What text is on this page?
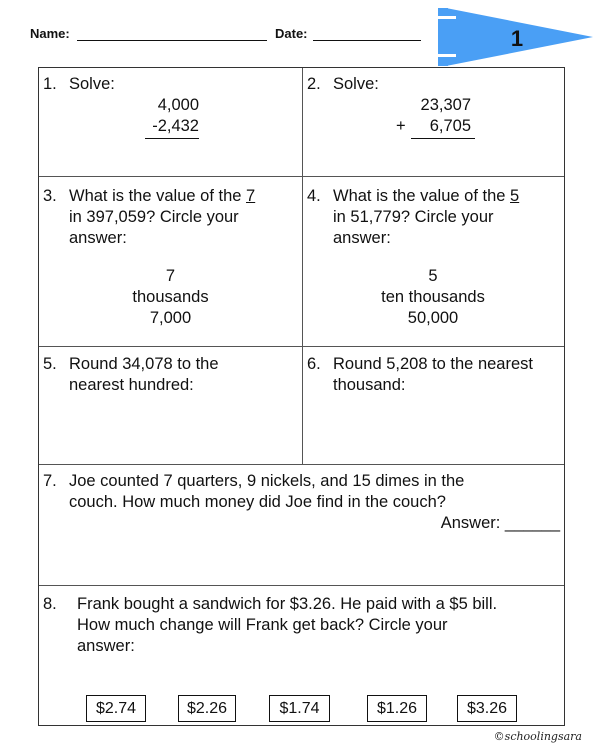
Name:	Date:	1
1. Solve:
4,000
-2,432
2. Solve:
23,307
+	6,705
3. What is the value of the 7
in 397,059? Circle your
answer:
7
thousands
7,000
4. What is the value of the 5
in 51,779? Circle your
answer:
5
ten thousands
50,000
5. Round 34,078 to the
nearest hundred:
6. Round 5,208 to the nearest
thousand:
7. Joe counted 7 quarters, 9 nickels, and 15 dimes in the
couch. How much money did Joe find in the couch?
Answer: ______
8. Frank bought a sandwich for $3.26. He paid with a $5 bill.
How much change will Frank get back? Circle your
answer:
$2.74	$2.26	$1.74	$1.26	$3.26
©schoolingsara
